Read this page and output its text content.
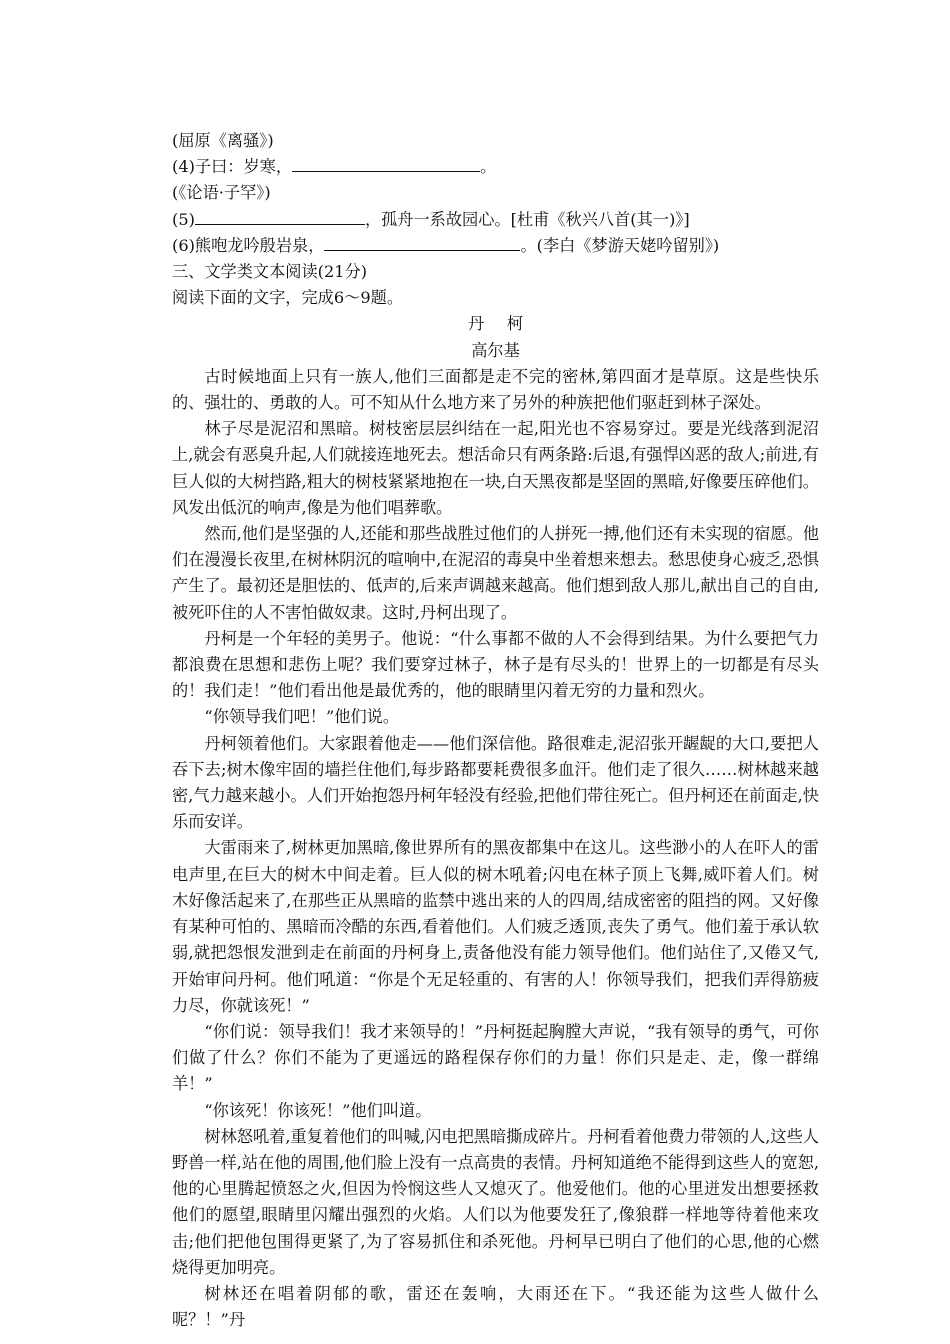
(屈原《离骚》)
(4)子曰：岁寒，	。
(《论语·子罕》)
(5)	，孤舟一系故园心。[杜甫《秋兴八首(其一)》]
(6)熊咆龙吟殷岩泉，	。(李白《梦游天姥吟留别》)
三、文学类文本阅读(21分)
阅读下面的文字，完成6～9题。
丹柯
高尔基
古时候地面上只有一族人,他们三面都是走不完的密林,第四面才是草原。这是些快乐的、强壮的、勇敢的人。可不知从什么地方来了另外的种族把他们驱赶到林子深处。
林子尽是泥沼和黑暗。树枝密层层纠结在一起,阳光也不容易穿过。要是光线落到泥沼上,就会有恶臭升起,人们就接连地死去。想活命只有两条路:后退,有强悍凶恶的敌人;前进,有巨人似的大树挡路,粗大的树枝紧紧地抱在一块,白天黑夜都是坚固的黑暗,好像要压碎他们。风发出低沉的响声,像是为他们唱葬歌。
然而,他们是坚强的人,还能和那些战胜过他们的人拼死一搏,他们还有未实现的宿愿。他们在漫漫长夜里,在树林阴沉的喧响中,在泥沼的毒臭中坐着想来想去。愁思使身心疲乏,恐惧产生了。最初还是胆怯的、低声的,后来声调越来越高。他们想到敌人那儿,献出自己的自由,被死吓住的人不害怕做奴隶。这时,丹柯出现了。
丹柯是一个年轻的美男子。他说：“什么事都不做的人不会得到结果。为什么要把气力都浪费在思想和悲伤上呢？我们要穿过林子，林子是有尽头的！世界上的一切都是有尽头的！我们走！”他们看出他是最优秀的，他的眼睛里闪着无穷的力量和烈火。
“你领导我们吧！”他们说。
丹柯领着他们。大家跟着他走——他们深信他。路很难走,泥沼张开龌龊的大口,要把人吞下去;树木像牢固的墙拦住他们,每步路都要耗费很多血汗。他们走了很久……树林越来越密,气力越来越小。人们开始抱怨丹柯年轻没有经验,把他们带往死亡。但丹柯还在前面走,快乐而安详。
大雷雨来了,树林更加黑暗,像世界所有的黑夜都集中在这儿。这些渺小的人在吓人的雷电声里,在巨大的树木中间走着。巨人似的树木吼着;闪电在林子顶上飞舞,威吓着人们。树木好像活起来了,在那些正从黑暗的监禁中逃出来的人的四周,结成密密的阻挡的网。又好像有某种可怕的、黑暗而冷酷的东西,看着他们。人们疲乏透顶,丧失了勇气。他们羞于承认软弱,就把怨恨发泄到走在前面的丹柯身上,责备他没有能力领导他们。他们站住了,又倦又气,开始审问丹柯。他们吼道：“你是个无足轻重的、有害的人！你领导我们，把我们弄得筋疲力尽，你就该死！”
“你们说：领导我们！我才来领导的！”丹柯挺起胸膛大声说，“我有领导的勇气，可你们做了什么？你们不能为了更遥远的路程保存你们的力量！你们只是走、走，像一群绵羊！”
“你该死！你该死！”他们叫道。
树林怒吼着,重复着他们的叫喊,闪电把黑暗撕成碎片。丹柯看着他费力带领的人,这些人野兽一样,站在他的周围,他们脸上没有一点高贵的表情。丹柯知道绝不能得到这些人的宽恕,他的心里腾起愤怒之火,但因为怜悯这些人又熄灭了。他爱他们。他的心里迸发出想要拯救他们的愿望,眼睛里闪耀出强烈的火焰。人们以为他要发狂了,像狼群一样地等待着他来攻击;他们把他包围得更紧了,为了容易抓住和杀死他。丹柯早已明白了他们的心思,他的心燃烧得更加明亮。
树林还在唱着阴郁的歌，雷还在轰响，大雨还在下。“我还能为这些人做什么呢？！”丹
